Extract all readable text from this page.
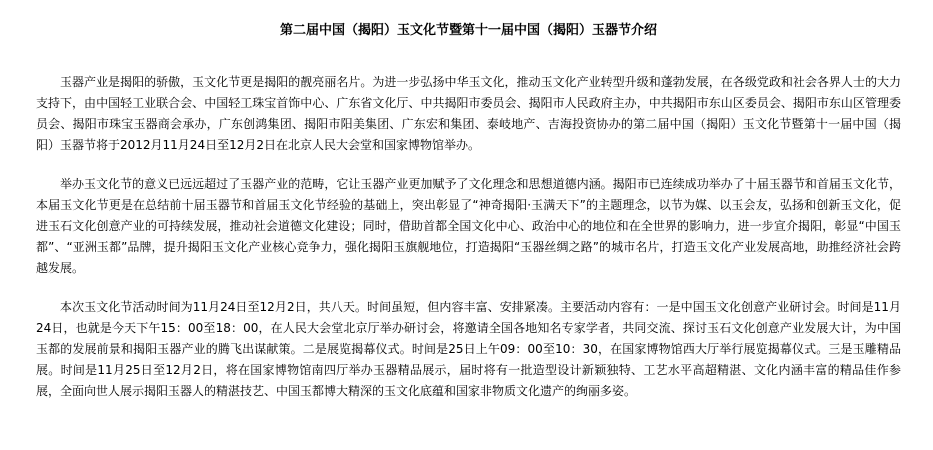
第二届中国（揭阳）玉文化节暨第十一届中国（揭阳）玉器节介绍

玉器产业是揭阳的骄傲，玉文化节更是揭阳的靓亮丽名片。为进一步弘扬中华玉文化，推动玉文化产业转型升级和蓬勃发展，在各级党政和社会各界人士的大力支持下，由中国轻工业联合会、中国轻工珠宝首饰中心、广东省文化厅、中共揭阳市委员会、揭阳市人民政府主办，中共揭阳市东山区委员会、揭阳市东山区管理委员会、揭阳市珠宝玉器商会承办，广东创鸿集团、揭阳市阳美集团、广东宏和集团、泰岐地产、吉海投资协办的第二届中国（揭阳）玉文化节暨第十一届中国（揭阳）玉器节将于2012月11月24日至12月2日在北京人民大会堂和国家博物馆举办。

举办玉文化节的意义已远远超过了玉器产业的范畴，它让玉器产业更加赋予了文化理念和思想道德内涵。揭阳市已连续成功举办了十届玉器节和首届玉文化节，本届玉文化节更是在总结前十届玉器节和首届玉文化节经验的基础上，突出彰显了“神奇揭阳·玉满天下”的主题理念，以节为媒、以玉会友，弘扬和创新玉文化，促进玉石文化创意产业的可持续发展，推动社会道德文化建设；同时，借助首都全国文化中心、政治中心的地位和在全世界的影响力，进一步宣介揭阳，彰显“中国玉都”、“亚洲玉都”品牌，提升揭阳玉文化产业核心竞争力，强化揭阳玉旗舰地位，打造揭阳“玉器丝绸之路”的城市名片，打造玉文化产业发展高地，助推经济社会跨越发展。

本次玉文化节活动时间为11月24日至12月2日，共八天。时间虽短，但内容丰富、安排紧凑。主要活动内容有：一是中国玉文化创意产业研讨会。时间是11月24日，也就是今天下午15：00至18：00，在人民大会堂北京厅举办研讨会，将邀请全国各地知名专家学者，共同交流、探讨玉石文化创意产业发展大计，为中国玉都的发展前景和揭阳玉器产业的腾飞出谋献策。二是展览揭幕仪式。时间是25日上午09：00至10：30，在国家博物馆西大厅举行展览揭幕仪式。三是玉雕精品展。时间是11月25日至12月2日，将在国家博物馆南四厅举办玉器精品展示，届时将有一批造型设计新颖独特、工艺水平高超精湛、文化内涵丰富的精品佳作参展，全面向世人展示揭阳玉器人的精湛技艺、中国玉都博大精深的玉文化底蕴和国家非物质文化遗产的绚丽多姿。
